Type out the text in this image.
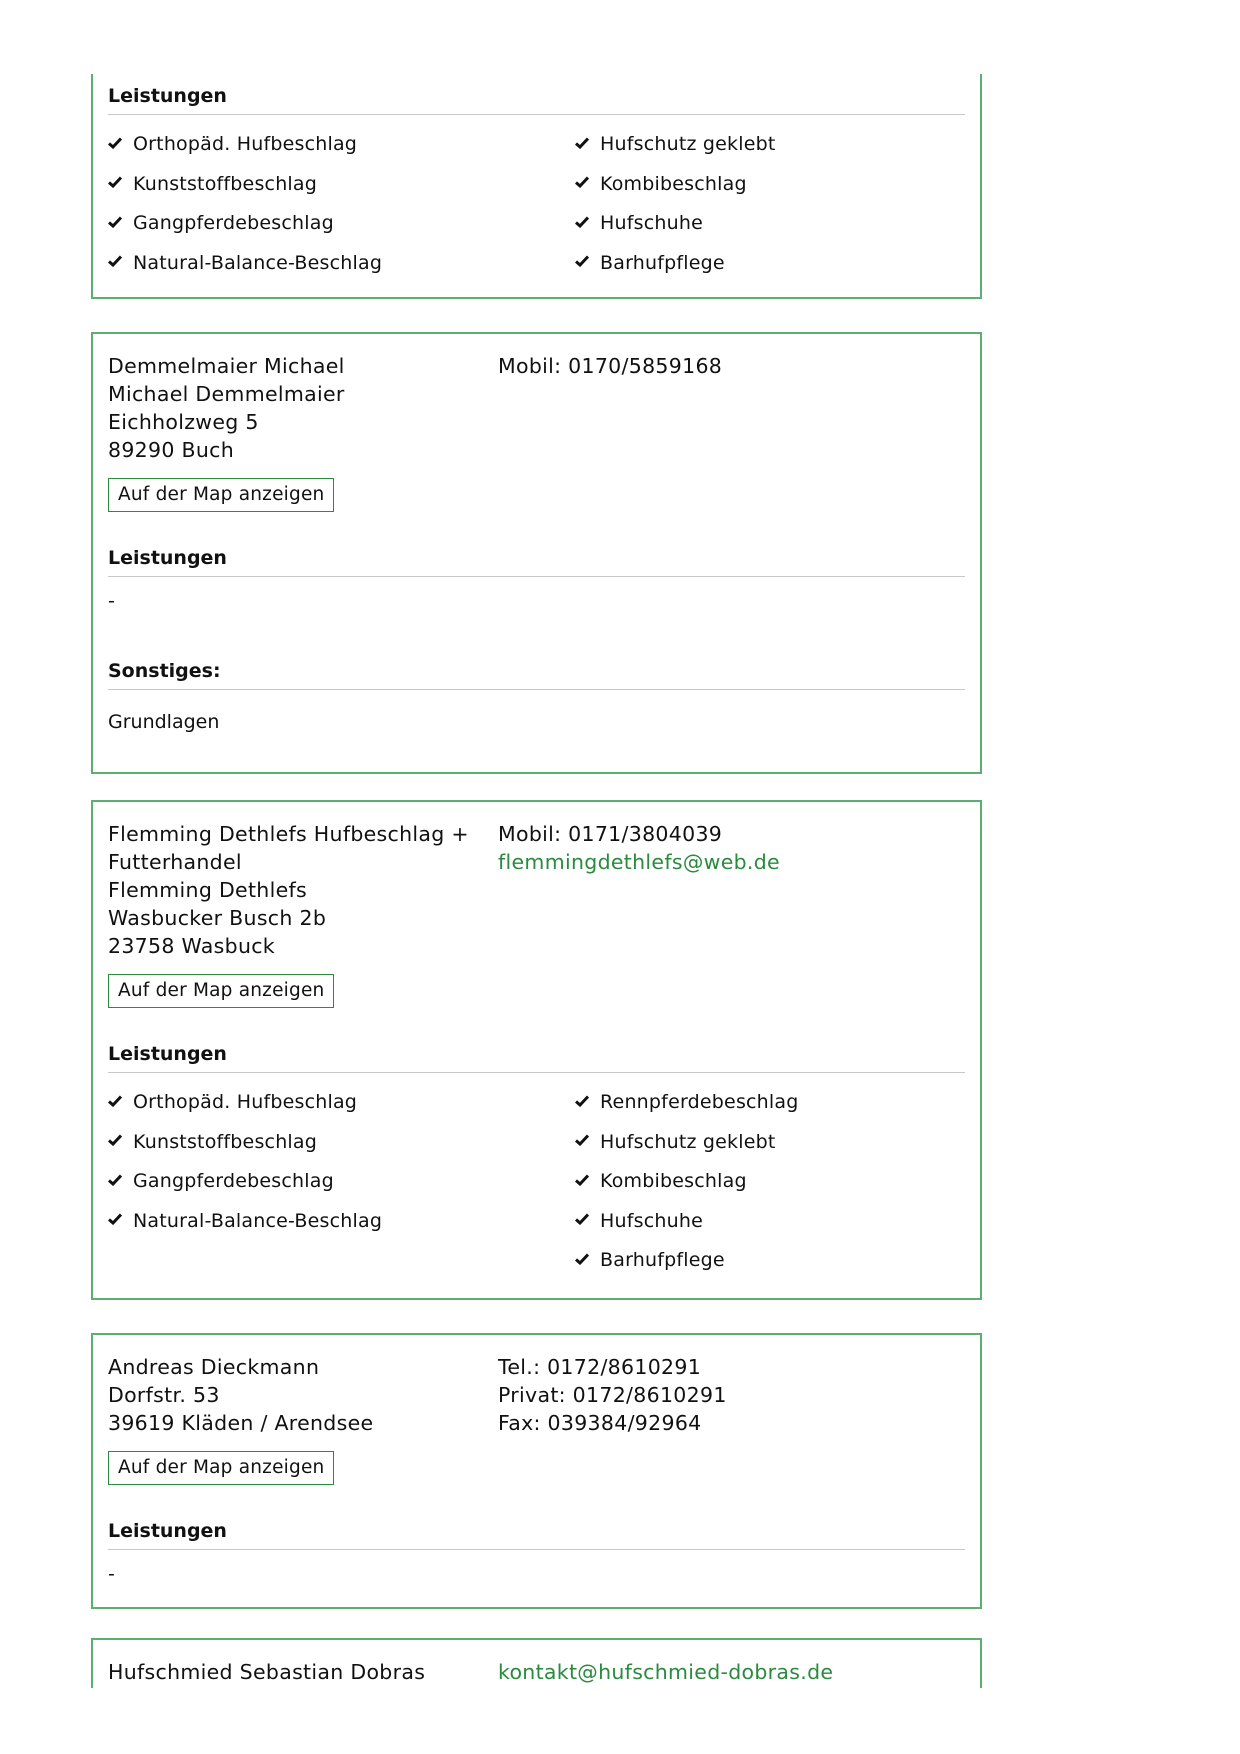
Leistungen
Orthopäd. Hufbeschlag
Kunststoffbeschlag
Gangpferdebeschlag
Natural-Balance-Beschlag
Hufschutz geklebt
Kombibeschlag
Hufschuhe
Barhufpflege
Demmelmaier Michael
Michael Demmelmaier
Eichholzweg 5
89290 Buch
Auf der Map anzeigen
Mobil: 0170/5859168
Leistungen
-
Sonstiges:
Grundlagen
Flemming Dethlefs Hufbeschlag +
Futterhandel
Flemming Dethlefs
Wasbucker Busch 2b
23758 Wasbuck
Auf der Map anzeigen
Mobil: 0171/3804039
flemmingdethlefs@web.de
Leistungen
Orthopäd. Hufbeschlag
Kunststoffbeschlag
Gangpferdebeschlag
Natural-Balance-Beschlag
Rennpferdebeschlag
Hufschutz geklebt
Kombibeschlag
Hufschuhe
Barhufpflege
Andreas Dieckmann
Dorfstr. 53
39619 Kläden / Arendsee
Auf der Map anzeigen
Tel.: 0172/8610291
Privat: 0172/8610291
Fax: 039384/92964
Leistungen
-
Hufschmied Sebastian Dobras	kontakt@hufschmied-dobras.de
